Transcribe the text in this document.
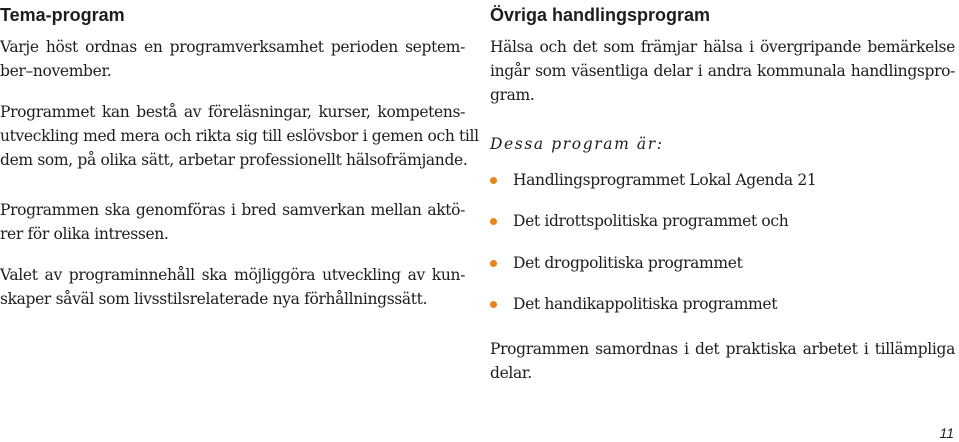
Tema-program

Varje höst ordnas en programverksamhet perioden septem-
ber–november.

Programmet kan bestå av föreläsningar, kurser, kompetens-
utveckling med mera och rikta sig till eslövsbor i gemen och till
dem som, på olika sätt, arbetar professionellt hälsofrämjande.

Programmen ska genomföras i bred samverkan mellan aktö-
rer för olika intressen.

Valet av programinnehåll ska möjliggöra utveckling av kun-
skaper såväl som livsstilsrelaterade nya förhållningssätt.

Övriga handlingsprogram

Hälsa och det som främjar hälsa i övergripande bemärkelse
ingår som väsentliga delar i andra kommunala handlingspro-
gram.

Dessa program är:

Handlingsprogrammet Lokal Agenda 21
Det idrottspolitiska programmet och
Det drogpolitiska programmet
Det handikappolitiska programmet

Programmen samordnas i det praktiska arbetet i tillämpliga
delar.

11
